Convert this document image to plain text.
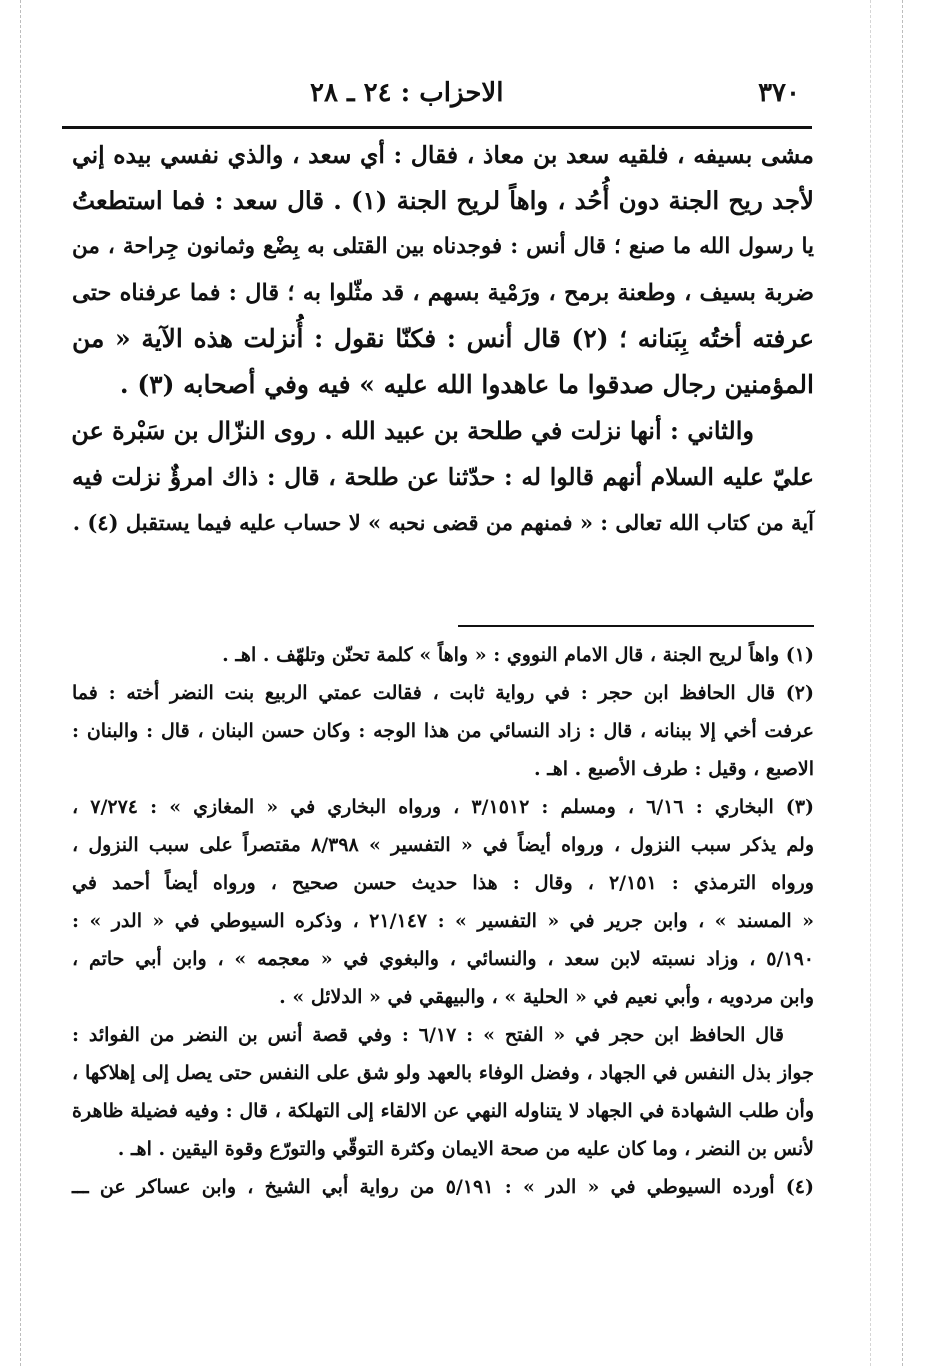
٣٧٠
الاحزاب : ٢٤ ـ ٢٨
مشى بسيفه ، فلقيه سعد بن معاذ ، فقال : أي سعد ، والذي نفسي بيده إني
لأجد ريح الجنة دون أُحُد ، واهاً لريح الجنة (١) . قال سعد : فما استطعتُ
يا رسول الله ما صنع ؛ قال أنس : فوجدناه بين القتلى به بِضْع وثمانون جِراحة ، من
ضربة بسيف ، وطعنة برمح ، ورَمْية بسهم ، قد مثّلوا به ؛ قال : فما عرفناه حتى
عرفته أختُه بِبَنانه ؛ (٢) قال أنس : فكنّا نقول : أُنزلت هذه الآية « من
المؤمنين رجال صدقوا ما عاهدوا الله عليه » فيه وفي أصحابه (٣) .
والثاني : أنها نزلت في طلحة بن عبيد الله . روى النزّال بن سَبْرة عن
عليّ عليه السلام أنهم قالوا له : حدّثنا عن طلحة ، قال : ذاك امرؤٌ نزلت فيه
آية من كتاب الله تعالى : « فمنهم من قضى نحبه » لا حساب عليه فيما يستقبل (٤) .
(١) واهاً لريح الجنة ، قال الامام النووي : « واهاً » كلمة تحنّن وتلهّف . اهـ .
(٢) قال الحافظ ابن حجر : في رواية ثابت ، فقالت عمتي الربيع بنت النضر أخته : فما
عرفت أخي إلا ببنانه ، قال : زاد النسائي من هذا الوجه : وكان حسن البنان ، قال : والبنان :
الاصبع ، وقيل : طرف الأصبع . اهـ .
(٣) البخاري : ٦/١٦ ، ومسلم : ٣/١٥١٢ ، ورواه البخاري في « المغازي » : ٧/٢٧٤ ،
ولم يذكر سبب النزول ، ورواه أيضاً في « التفسير » ٨/٣٩٨ مقتصراً على سبب النزول ،
ورواه الترمذي : ٢/١٥١ ، وقال : هذا حديث حسن صحيح ، ورواه أيضاً أحمد في
« المسند » ، وابن جرير في « التفسير » : ٢١/١٤٧ ، وذكره السيوطي في « الدر » :
٥/١٩٠ ، وزاد نسبته لابن سعد ، والنسائي ، والبغوي في « معجمه » ، وابن أبي حاتم ،
وابن مردويه ، وأبي نعيم في « الحلية » ، والبيهقي في « الدلائل » .
قال الحافظ ابن حجر في « الفتح » : ٦/١٧ : وفي قصة أنس بن النضر من الفوائد :
جواز بذل النفس في الجهاد ، وفضل الوفاء بالعهد ولو شق على النفس حتى يصل إلى إهلاكها ،
وأن طلب الشهادة في الجهاد لا يتناوله النهي عن الالقاء إلى التهلكة ، قال : وفيه فضيلة ظاهرة
لأنس بن النضر ، وما كان عليه من صحة الايمان وكثرة التوقّي والتورّع وقوة اليقين . اهـ .
(٤) أورده السيوطي في « الدر » : ٥/١٩١ من رواية أبي الشيخ ، وابن عساكر عن ـــ
